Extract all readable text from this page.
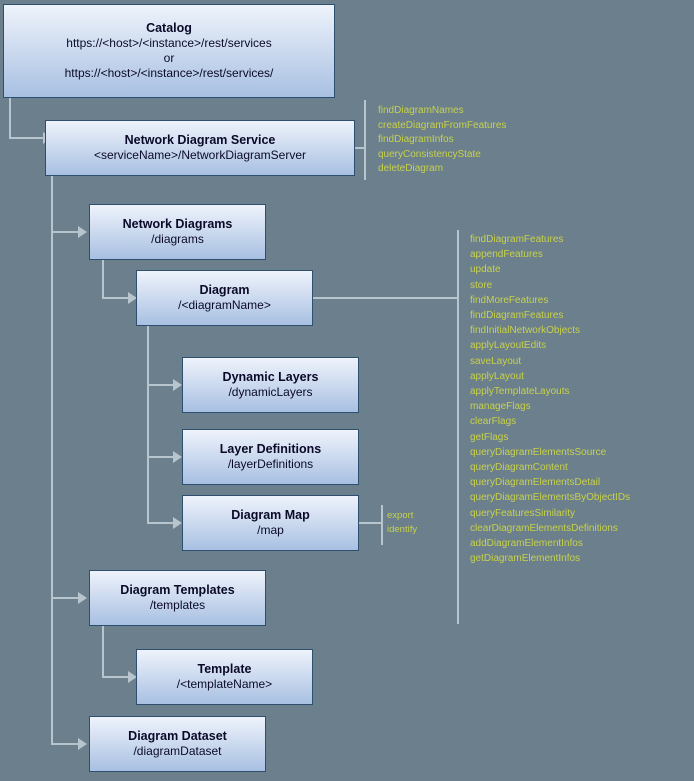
Catalog
https://<host>/<instance>/rest/services
or
https://<host>/<instance>/rest/services/
Network Diagram Service
<serviceName>/NetworkDiagramServer
Network Diagrams
/diagrams
Diagram
/<diagramName>
Dynamic Layers
/dynamicLayers
Layer Definitions
/layerDefinitions
Diagram Map
/map
Diagram Templates
/templates
Template
/<templateName>
Diagram Dataset
/diagramDataset
findDiagramNames
createDiagramFromFeatures
findDiagramInfos
queryConsistencyState
deleteDiagram
findDiagramFeatures
appendFeatures
update
store
findMoreFeatures
findDiagramFeatures
findInitialNetworkObjects
applyLayoutEdits
saveLayout
applyLayout
applyTemplateLayouts
manageFlags
clearFlags
getFlags
queryDiagramElementsSource
queryDiagramContent
queryDiagramElementsDetail
queryDiagramElementsByObjectIDs
queryFeaturesSimilarity
clearDiagramElementsDefinitions
addDiagramElementInfos
getDiagramElementInfos
export
identify
